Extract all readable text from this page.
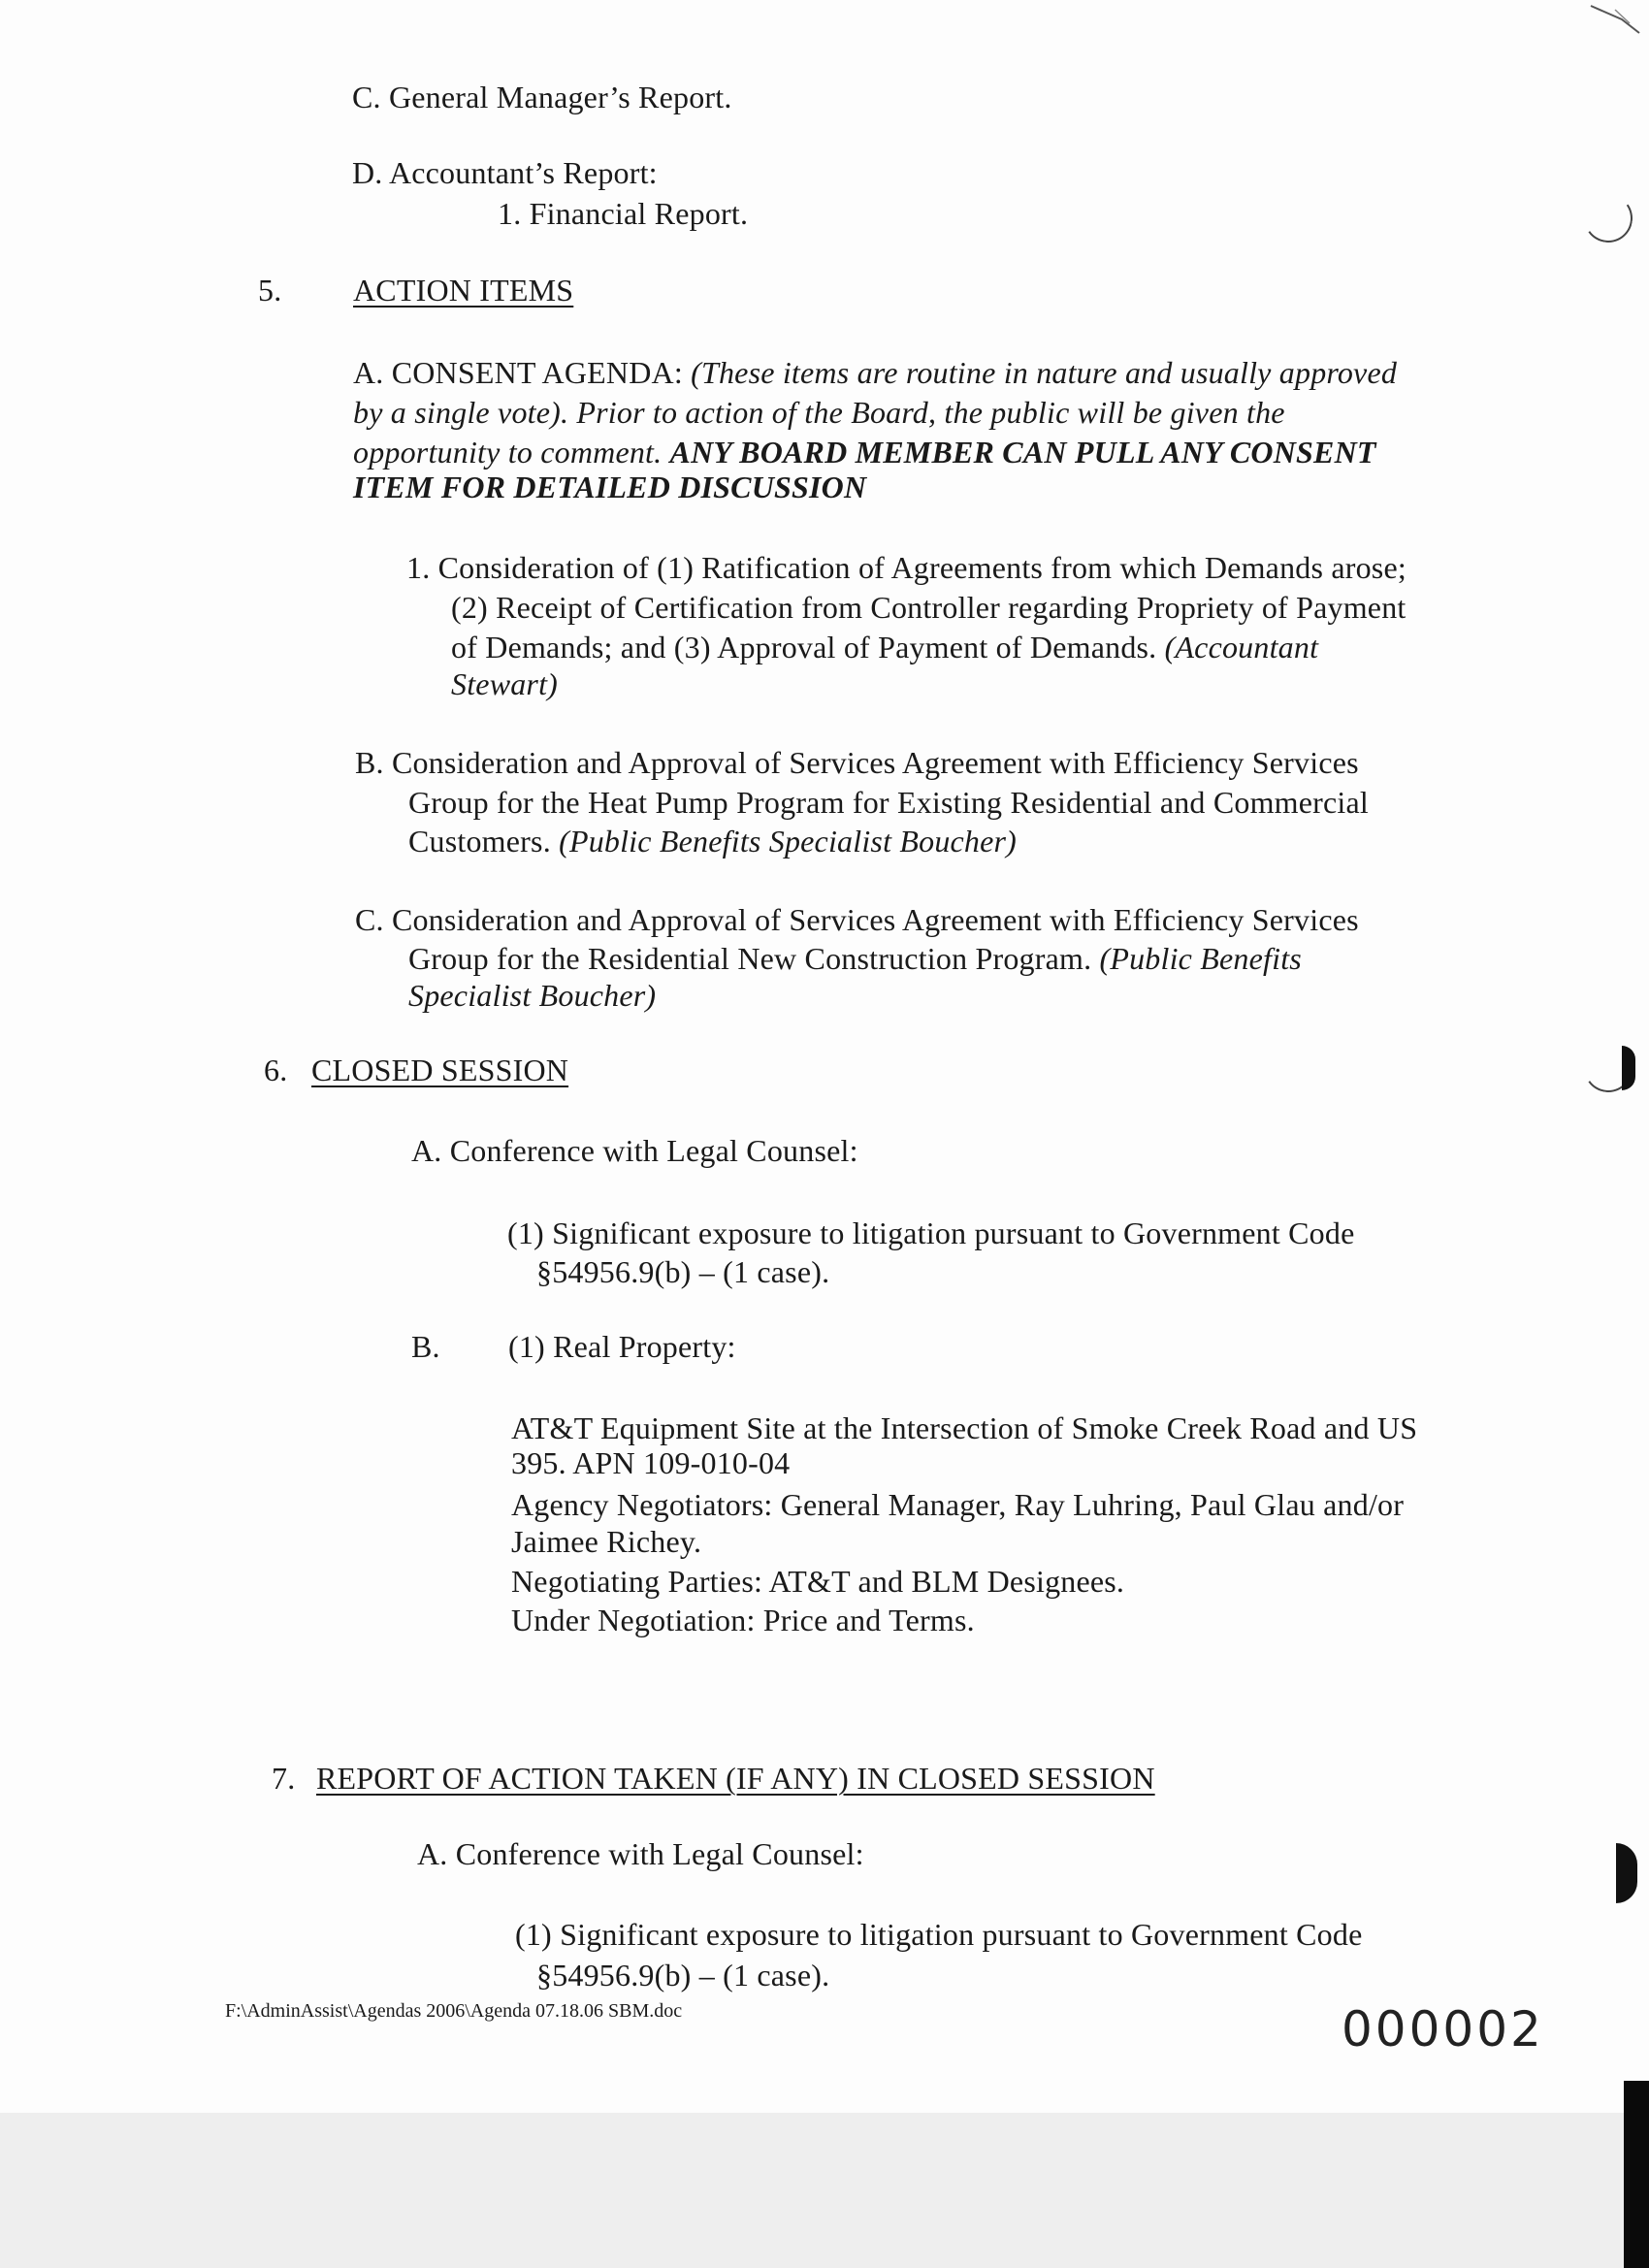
C. General Manager’s Report.
D. Accountant’s Report:
1. Financial Report.
5. ACTION ITEMS
A. CONSENT AGENDA: (These items are routine in nature and usually approved
by a single vote). Prior to action of the Board, the public will be given the
opportunity to comment. ANY BOARD MEMBER CAN PULL ANY CONSENT
ITEM FOR DETAILED DISCUSSION
1. Consideration of (1) Ratification of Agreements from which Demands arose;
(2) Receipt of Certification from Controller regarding Propriety of Payment
of Demands; and (3) Approval of Payment of Demands. (Accountant
Stewart)
B. Consideration and Approval of Services Agreement with Efficiency Services
Group for the Heat Pump Program for Existing Residential and Commercial
Customers. (Public Benefits Specialist Boucher)
C. Consideration and Approval of Services Agreement with Efficiency Services
Group for the Residential New Construction Program. (Public Benefits
Specialist Boucher)
6. CLOSED SESSION
A. Conference with Legal Counsel:
(1) Significant exposure to litigation pursuant to Government Code
§54956.9(b) – (1 case).
B. (1) Real Property:
AT&T Equipment Site at the Intersection of Smoke Creek Road and US
395. APN 109-010-04
Agency Negotiators: General Manager, Ray Luhring, Paul Glau and/or
Jaimee Richey.
Negotiating Parties: AT&T and BLM Designees.
Under Negotiation: Price and Terms.
7. REPORT OF ACTION TAKEN (IF ANY) IN CLOSED SESSION
A. Conference with Legal Counsel:
(1) Significant exposure to litigation pursuant to Government Code
§54956.9(b) – (1 case).
F:\AdminAssist\Agendas 2006\Agenda 07.18.06 SBM.doc	000002
